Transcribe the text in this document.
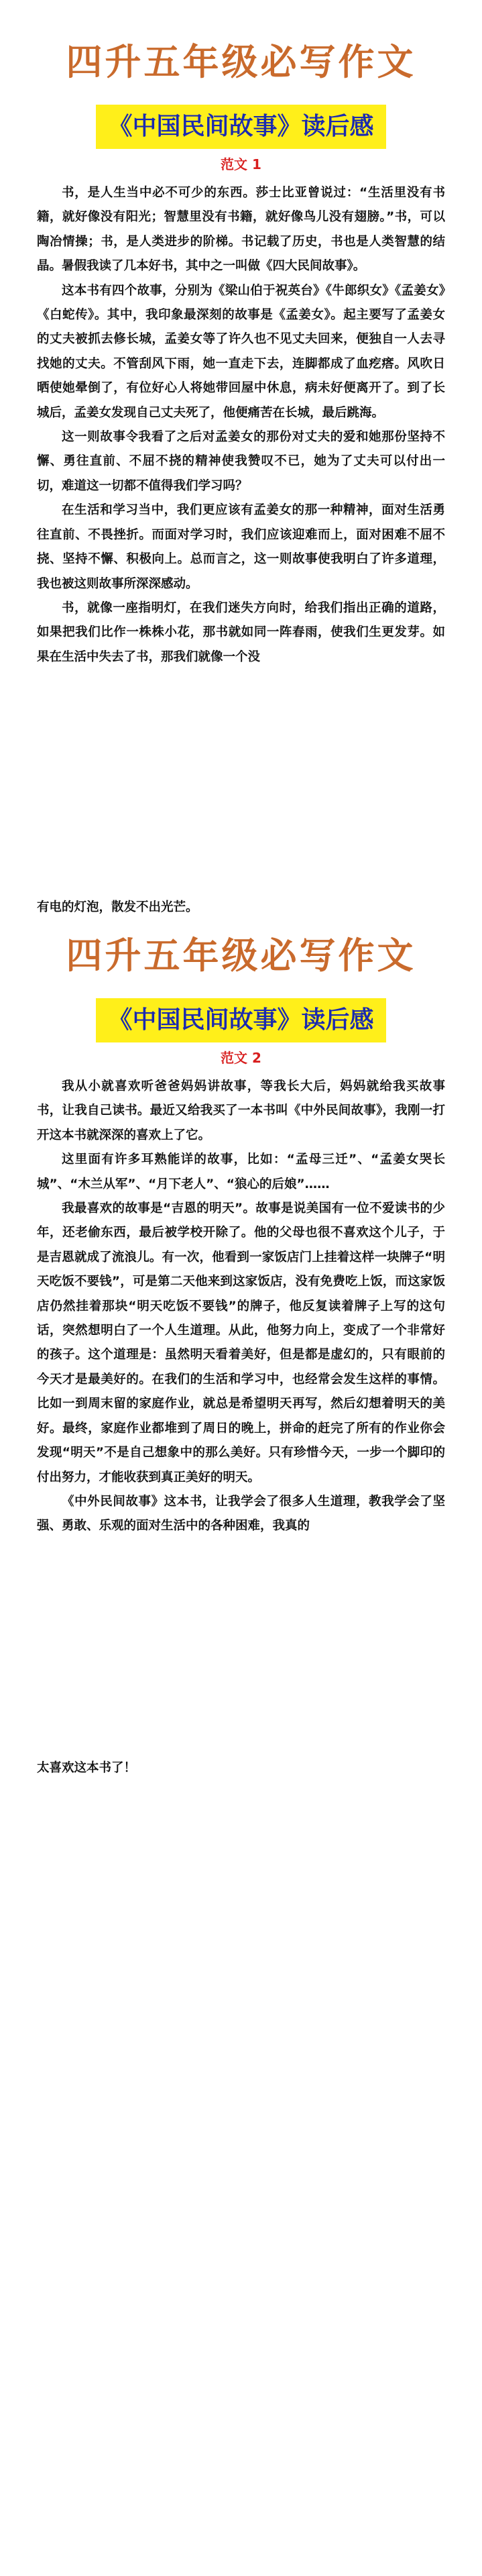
四升五年级必写作文
《中国民间故事》读后感
范文 1

书，是人生当中必不可少的东西。莎士比亚曾说过：“生活里没有书籍，就好像没有阳光；智慧里没有书籍，就好像鸟儿没有翅膀。”书，可以陶冶情操；书，是人类进步的阶梯。书记载了历史，书也是人类智慧的结晶。暑假我读了几本好书，其中之一叫做《四大民间故事》。

这本书有四个故事，分别为《梁山伯于祝英台》《牛郎织女》《孟姜女》《白蛇传》。其中，我印象最深刻的故事是《孟姜女》。起主要写了孟姜女的丈夫被抓去修长城，孟姜女等了许久也不见丈夫回来，便独自一人去寻找她的丈夫。不管刮风下雨，她一直走下去，连脚都成了血疙瘩。风吹日晒使她晕倒了，有位好心人将她带回屋中休息，病未好便离开了。到了长城后，孟姜女发现自己丈夫死了，他便痛苦在长城，最后跳海。

这一则故事令我看了之后对孟姜女的那份对丈夫的爱和她那份坚持不懈、勇往直前、不屈不挠的精神使我赞叹不已，她为了丈夫可以付出一切，难道这一切都不值得我们学习吗？

在生活和学习当中，我们更应该有孟姜女的那一种精神，面对生活勇往直前、不畏挫折。而面对学习时，我们应该迎难而上，面对困难不屈不挠、坚持不懈、积极向上。总而言之，这一则故事使我明白了许多道理，我也被这则故事所深深感动。

书，就像一座指明灯，在我们迷失方向时，给我们指出正确的道路，如果把我们比作一株株小花，那书就如同一阵春雨，使我们生更发芽。如果在生活中失去了书，那我们就像一个没

有电的灯泡，散发不出光芒。

四升五年级必写作文
《中国民间故事》读后感
范文 2

我从小就喜欢听爸爸妈妈讲故事，等我长大后，妈妈就给我买故事书，让我自己读书。最近又给我买了一本书叫《中外民间故事》，我刚一打开这本书就深深的喜欢上了它。

这里面有许多耳熟能详的故事，比如：“孟母三迁”、“孟姜女哭长城”、“木兰从军”、“月下老人”、“狼心的后娘”……

我最喜欢的故事是“吉恩的明天”。故事是说美国有一位不爱读书的少年，还老偷东西，最后被学校开除了。他的父母也很不喜欢这个儿子，于是吉恩就成了流浪儿。有一次，他看到一家饭店门上挂着这样一块牌子“明天吃饭不要钱”，可是第二天他来到这家饭店，没有免费吃上饭，而这家饭店仍然挂着那块“明天吃饭不要钱”的牌子，他反复读着牌子上写的这句话，突然想明白了一个人生道理。从此，他努力向上，变成了一个非常好的孩子。这个道理是：虽然明天看着美好，但是都是虚幻的，只有眼前的今天才是最美好的。在我们的生活和学习中，也经常会发生这样的事情。比如一到周末留的家庭作业，就总是希望明天再写，然后幻想着明天的美好。最终，家庭作业都堆到了周日的晚上，拼命的赶完了所有的作业你会发现“明天”不是自己想象中的那么美好。只有珍惜今天，一步一个脚印的付出努力，才能收获到真正美好的明天。

《中外民间故事》这本书，让我学会了很多人生道理，教我学会了坚强、勇敢、乐观的面对生活中的各种困难，我真的

太喜欢这本书了！
